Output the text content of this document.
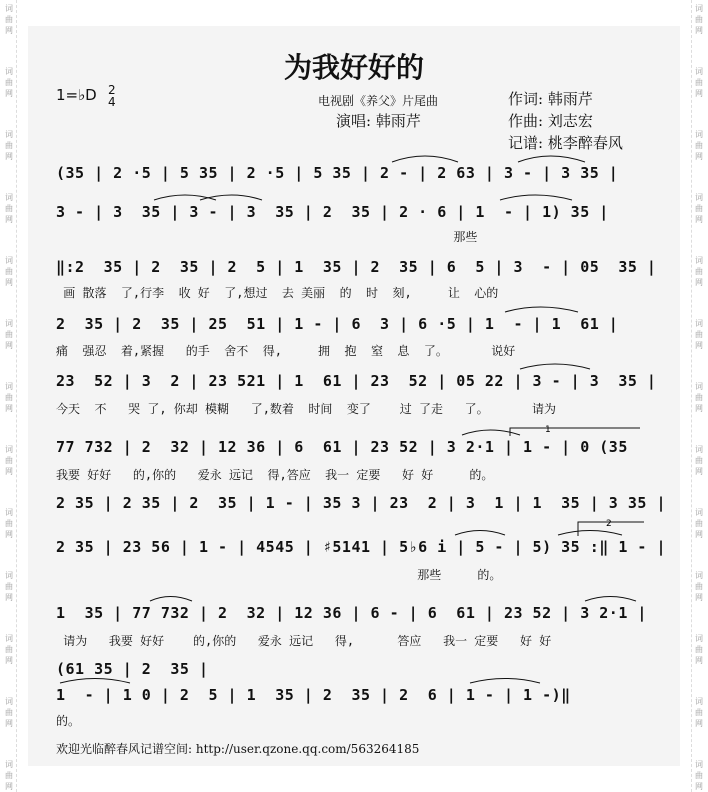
词
曲
网
词
曲
网
词
曲
网
词
曲
网
词
曲
网
词
曲
网
词
曲
网
词
曲
网
词
曲
网
词
曲
网
词
曲
网
词
曲
网
词
曲
网
词
曲
网
词
曲
网
词
曲
网
词
曲
网
词
曲
网
词
曲
网
词
曲
网
词
曲
网
词
曲
网
词
曲
网
词
曲
网
词
曲
网
词
曲
网
为我好好的
1=♭D 2
4	电视剧《养父》片尾曲
演唱: 韩雨芹
作词: 韩雨芹
作曲: 刘志宏
记谱: 桃李醉春风
(35 | 2 ·5 | 5 35 | 2 ·5 | 5 35 | 2 - | 2 63 | 3 - | 3 35 |
3 - | 3  35 | 3 - | 3  35 | 2  35 | 2 · 6 | 1  - | 1) 35 |
‖:2  35 | 2  35 | 2  5 | 1  35 | 2  35 | 6  5 | 3  - | 05  35 |
2  35 | 2  35 | 25  51 | 1 - | 6  3 | 6 ·5 | 1  - | 1  61 |
23  52 | 3  2 | 23 521 | 1  61 | 23  52 | 05 22 | 3 - | 3  35 |
77 732 | 2  32 | 12 36 | 6  61 | 23 52 | 3 2·1 | 1 - | 0 (35
2 35 | 2 35 | 2  35 | 1 - | 35 3 | 23  2 | 3  1 | 1  35 | 3 35 |
2 35 | 23 56 | 1 - | 4545 | ♯5141 | 5♭6 i | 5 - | 5) 35 :‖ 1 - |
1  35 | 77 732 | 2  32 | 12 36 | 6 - | 6  61 | 23 52 | 3 2·1 |
(61 35 | 2  35 |
1  - | 1 0 | 2  5 | 1  35 | 2  35 | 2  6 | 1 - | 1 -)‖
那些
画 散落  了,行李  收 好  了,想过  去 美丽  的  时  刻,     让  心的
痛  强忍  着,紧握   的手  舍不  得,     拥  抱  窒  息  了。      说好
今天  不   哭 了, 你却 模糊   了,数着  时间  变了    过 了走   了。      请为
我要 好好   的,你的   爱永 远记  得,答应  我一 定要   好 好     的。
那些     的。
请为   我要 好好    的,你的   爱永 远记   得,      答应   我一 定要   好 好
的。
欢迎光临醉春风记谱空间: http://user.qzone.qq.com/563264185
1
2
